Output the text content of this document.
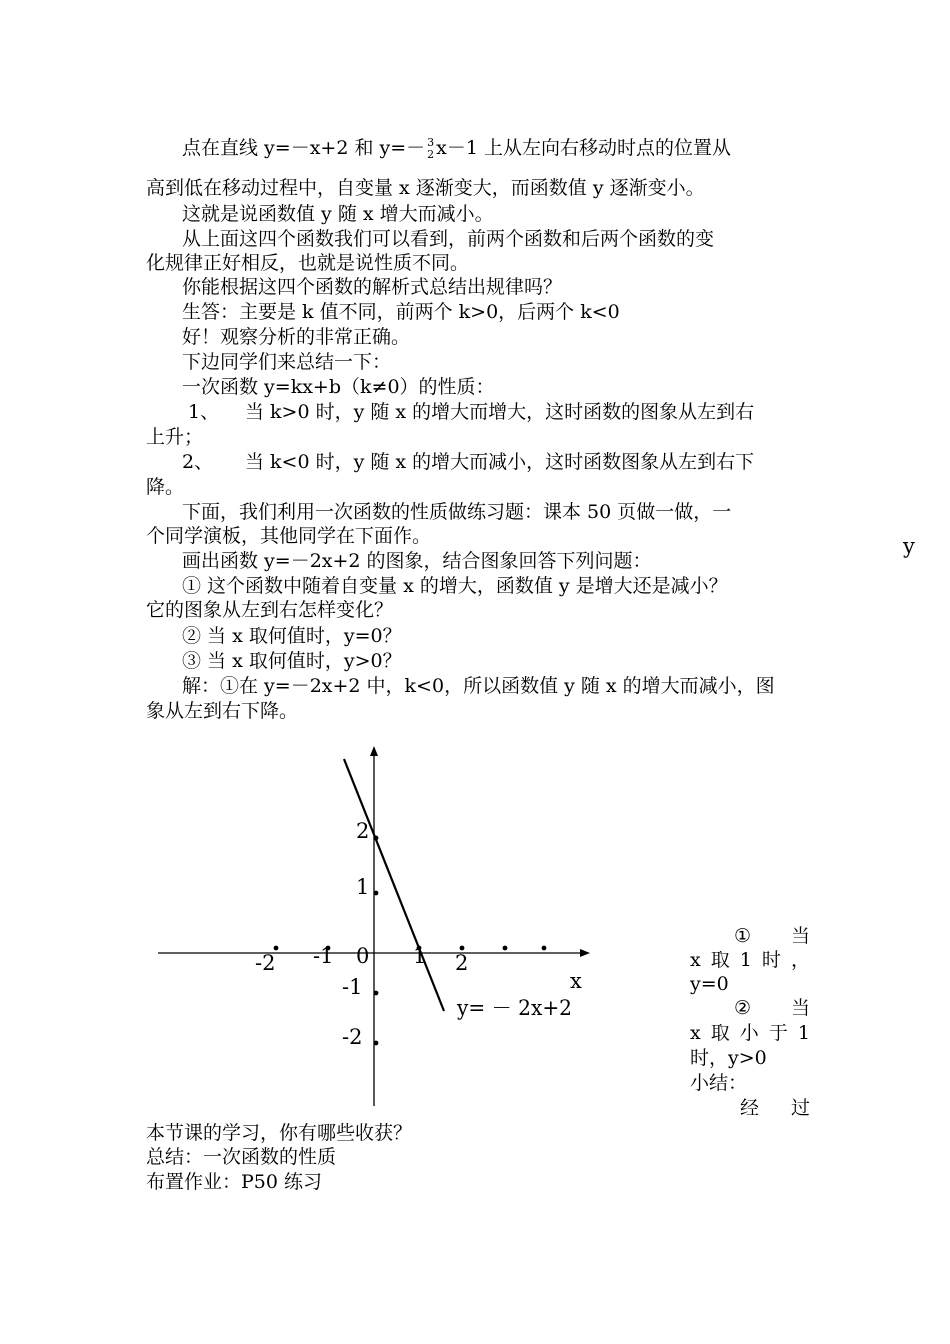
点在直线 y=－x+2 和 y=－ 3
2 x－1 上从左向右移动时点的位置从
高到低在移动过程中，自变量 x 逐渐变大，而函数值 y 逐渐变小。
这就是说函数值 y 随 x 增大而减小。
从上面这四个函数我们可以看到，前两个函数和后两个函数的变
化规律正好相反，也就是说性质不同。
你能根据这四个函数的解析式总结出规律吗？
生答：主要是 k 值不同，前两个 k>0，后两个 k<0
好！观察分析的非常正确。
下边同学们来总结一下：
一次函数 y=kx+b（k≠0）的性质：
1、	当 k>0 时，y 随 x 的增大而增大，这时函数的图象从左到右
上升；
2、	当 k<0 时，y 随 x 的增大而减小，这时函数图象从左到右下
降。
下面，我们利用一次函数的性质做练习题：课本 50 页做一做，一
个同学演板，其他同学在下面作。
画出函数 y=－2x+2 的图象，结合图象回答下列问题：
y
① 这个函数中随着自变量 x 的增大，函数值 y 是增大还是减小？
它的图象从左到右怎样变化？
② 当 x 取何值时，y=0？
③ 当 x 取何值时，y>0？
解：①在 y=－2x+2 中，k<0，所以函数值 y 随 x 的增大而减小，图
象从左到右下降。
2
1
-1
-2
-2 -1 0 1 2
x
y= － 2x+2
① 当
x 取 1 时 ，
y=0
② 当
x 取 小 于 1
时，y>0
小结：
经 过
本节课的学习，你有哪些收获？
总结：一次函数的性质
布置作业：P50 练习
